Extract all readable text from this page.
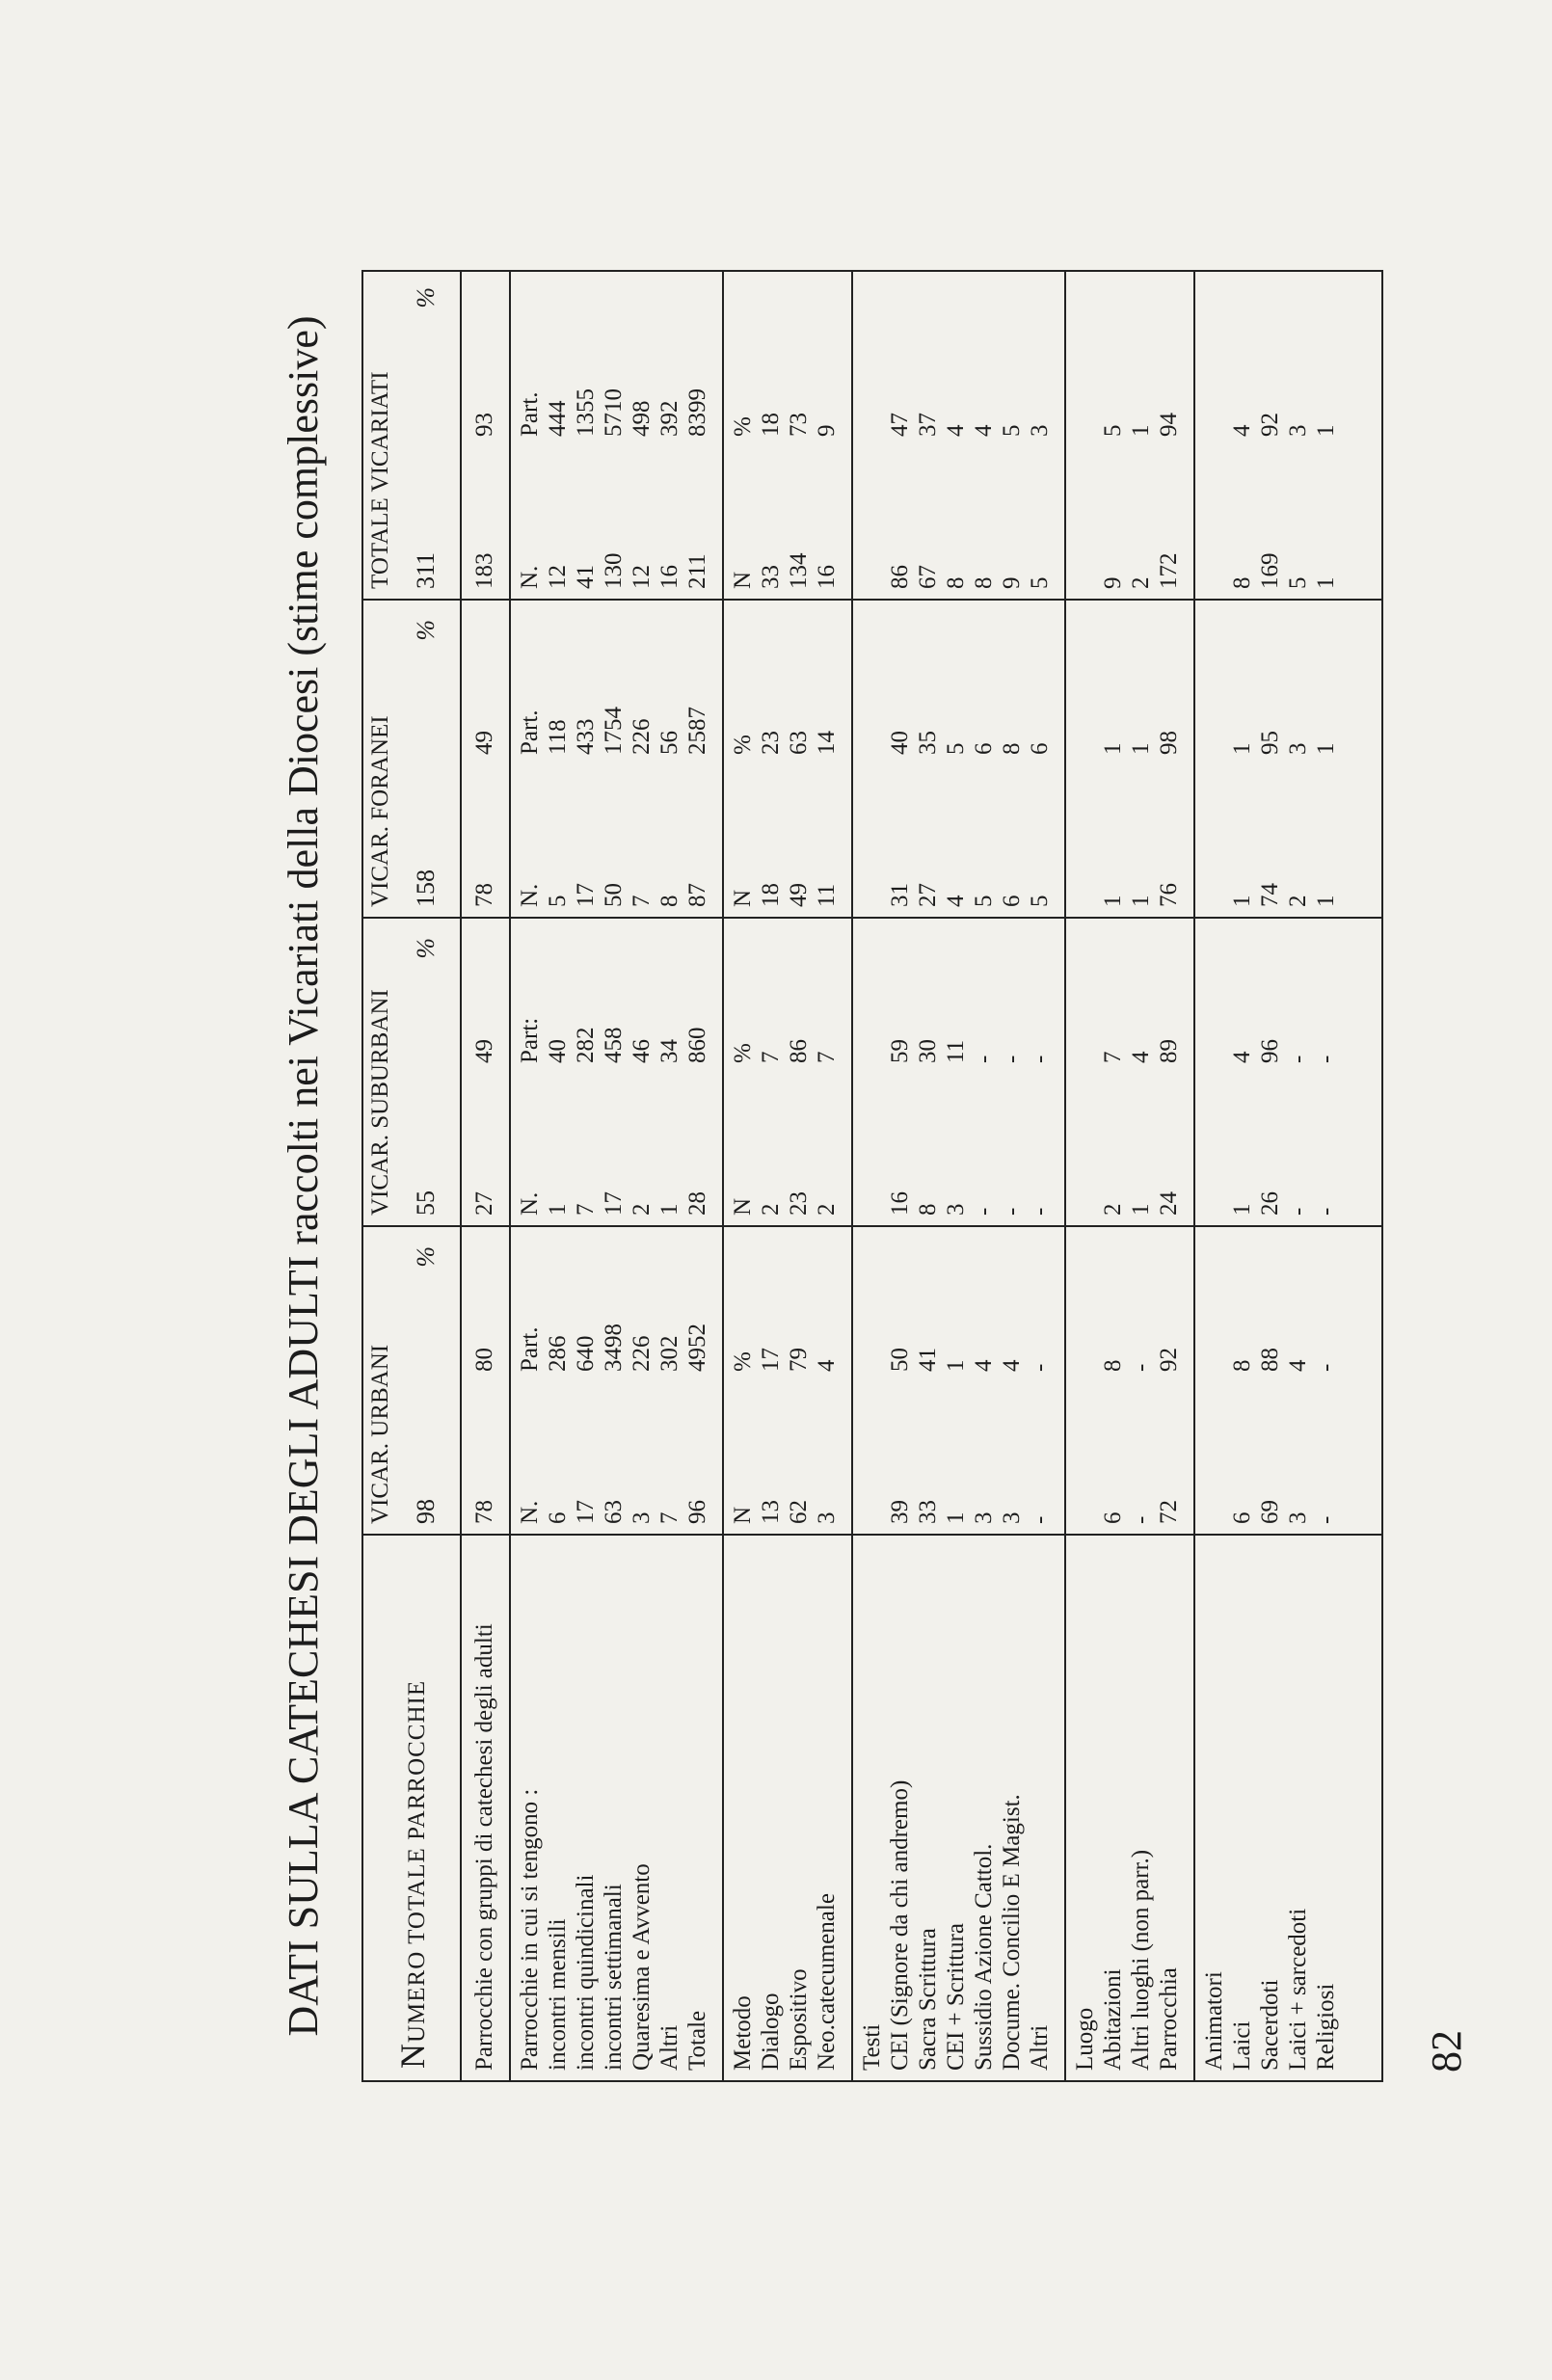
DATI SULLA CATECHESI DEGLI ADULTI raccolti nei Vicariati della Diocesi (stime complessive)
NUMERO TOTALE PARROCCHIE
VICAR. URBANI 98
%
VICAR. SUBURBANI 55
%
VICAR. FORANEI 158
%
TOTALE VICARIATI 311
%
Parrocchie con gruppi di catechesi degli adulti
78
80
27
49
78
49
183
93
Parrocchie in cui si tengono :
N.
Part.
N.
Part:
N.
Part.
N.
Part.
incontri mensili
6
286
1
40
5
118
12
444
incontri quindicinali
17
640
7
282
17
433
41
1355
incontri settimanali
63
3498
17
458
50
1754
130
5710
Quaresima e Avvento
3
226
2
46
7
226
12
498
Altri
7
302
1
34
8
56
16
392
Totale
96
4952
28
860
87
2587
211
8399
Metodo
N
%
N
%
N
%
N
%
Dialogo
13
17
2
7
18
23
33
18
Espositivo
62
79
23
86
49
63
134
73
Neo.catecumenale
3
4
2
7
11
14
16
9
Testi CEI (Signore da chi andremo)
39
50
16
59
31
40
86
47
Sacra Scrittura
33
41
8
30
27
35
67
37
CEI + Scrittura
1
1
3
11
4
5
8
4
Sussidio Azione Cattol.
3
4
-
-
5
6
8
4
Docume. Concilio E Magist.
3
4
-
-
6
8
9
5
Altri
-
-
-
-
5
6
5
3
Luogo Abitazioni
6
8
2
7
1
1
9
5
Altri luoghi (non parr.)
-
-
1
4
1
1
2
1
Parrocchia
72
92
24
89
76
98
172
94
Animatori Laici
6
8
1
4
1
1
8
4
Sacerdoti
69
88
26
96
74
95
169
92
Laici + sarcedoti
3
4
-
-
2
3
5
3
Religiosi
-
-
-
-
1
1
1
1
82
